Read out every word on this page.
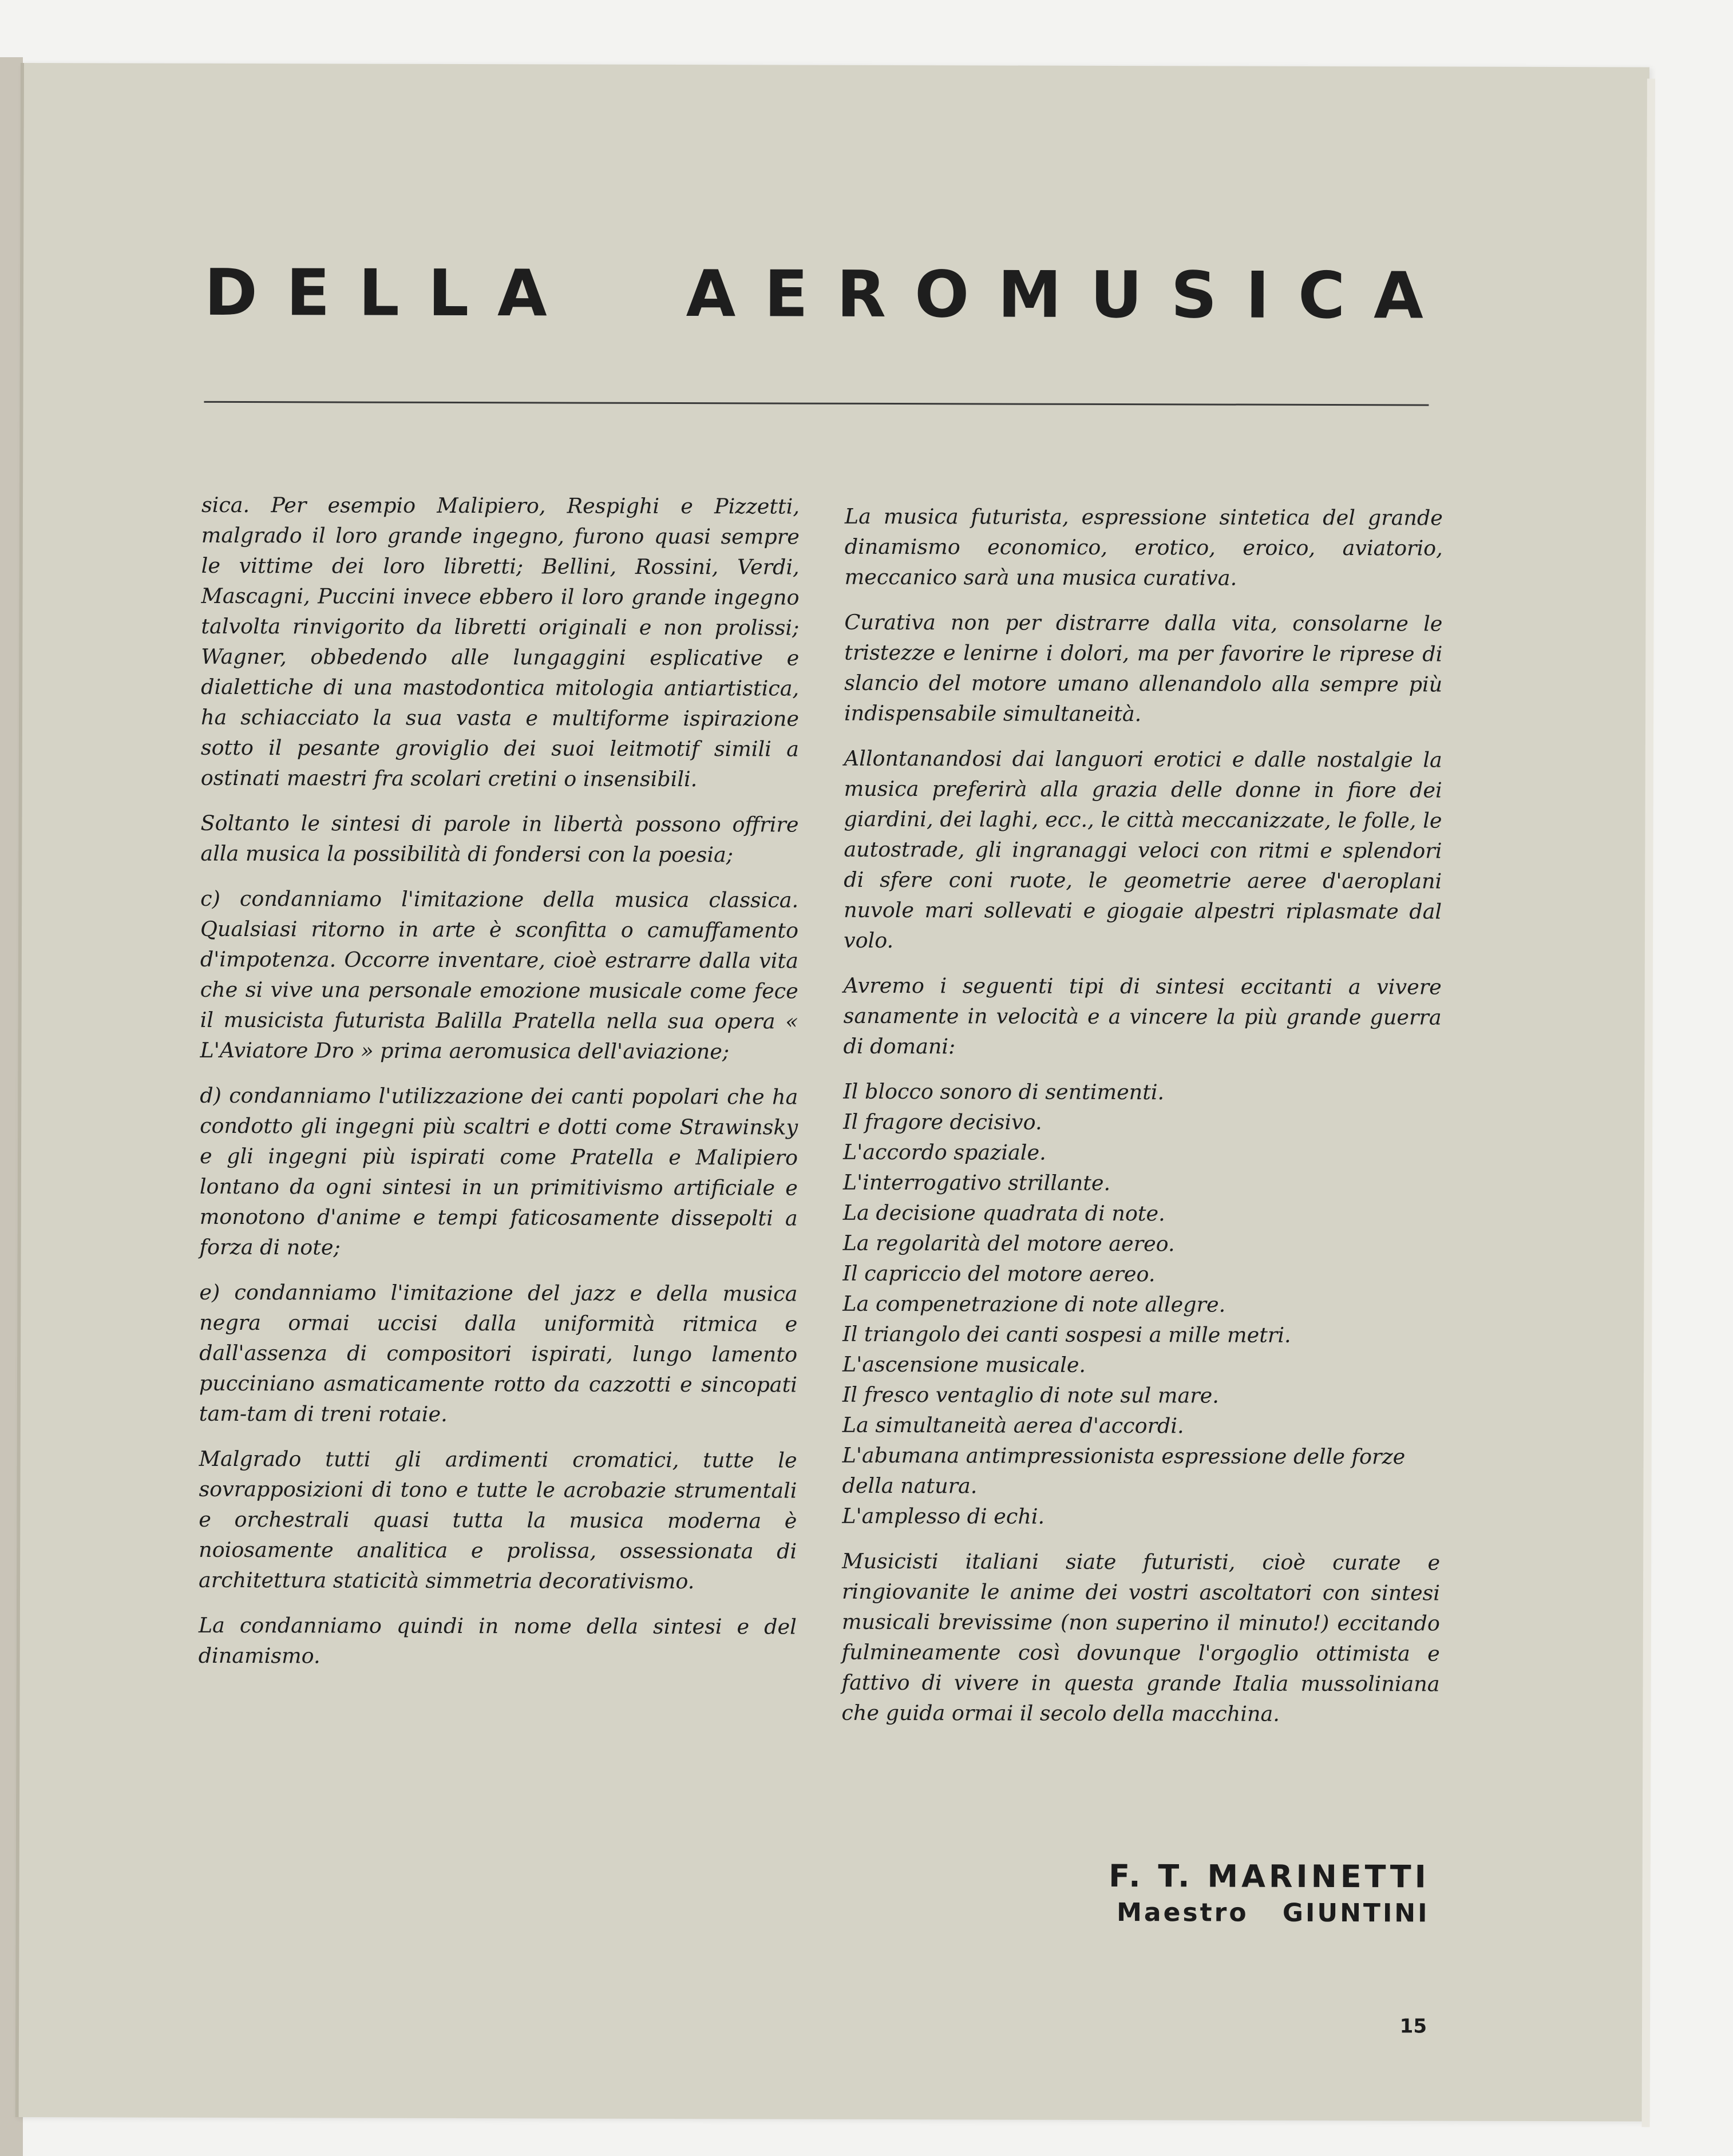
DELLA AEROMUSICA

sica. Per esempio Malipiero, Respighi e Pizzetti, malgrado il loro grande ingegno, furono quasi sempre le vittime dei loro libretti; Bellini, Rossini, Verdi, Mascagni, Puccini invece ebbero il loro grande ingegno talvolta rinvigorito da libretti originali e non prolissi; Wagner, obbedendo alle lungaggini esplicative e dialettiche di una mastodontica mitologia antiartistica, ha schiacciato la sua vasta e multiforme ispirazione sotto il pesante groviglio dei suoi leitmotif simili a ostinati maestri fra scolari cretini o insensibili.

Soltanto le sintesi di parole in libertà possono offrire alla musica la possibilità di fondersi con la poesia;

c) condanniamo l'imitazione della musica classica. Qualsiasi ritorno in arte è sconfitta o camuffamento d'impotenza. Occorre inventare, cioè estrarre dalla vita che si vive una personale emozione musicale come fece il musicista futurista Balilla Pratella nella sua opera « L'Aviatore Dro » prima aeromusica dell'aviazione;

d) condanniamo l'utilizzazione dei canti popolari che ha condotto gli ingegni più scaltri e dotti come Strawinsky e gli ingegni più ispirati come Pratella e Malipiero lontano da ogni sintesi in un primitivismo artificiale e monotono d'anime e tempi faticosamente dissepolti a forza di note;

e) condanniamo l'imitazione del jazz e della musica negra ormai uccisi dalla uniformità ritmica e dall'assenza di compositori ispirati, lungo lamento pucciniano asmaticamente rotto da cazzotti e sincopati tam-tam di treni rotaie.

Malgrado tutti gli ardimenti cromatici, tutte le sovrapposizioni di tono e tutte le acrobazie strumentali e orchestrali quasi tutta la musica moderna è noiosamente analitica e prolissa, ossessionata di architettura staticità simmetria decorativismo.

La condanniamo quindi in nome della sintesi e del dinamismo.

La musica futurista, espressione sintetica del grande dinamismo economico, erotico, eroico, aviatorio, meccanico sarà una musica curativa.

Curativa non per distrarre dalla vita, consolarne le tristezze e lenirne i dolori, ma per favorire le riprese di slancio del motore umano allenandolo alla sempre più indispensabile simultaneità.

Allontanandosi dai languori erotici e dalle nostalgie la musica preferirà alla grazia delle donne in fiore dei giardini, dei laghi, ecc., le città meccanizzate, le folle, le autostrade, gli ingranaggi veloci con ritmi e splendori di sfere coni ruote, le geometrie aeree d'aeroplani nuvole mari sollevati e giogaie alpestri riplasmate dal volo.

Avremo i seguenti tipi di sintesi eccitanti a vivere sanamente in velocità e a vincere la più grande guerra di domani:

Il blocco sonoro di sentimenti.
Il fragore decisivo.
L'accordo spaziale.
L'interrogativo strillante.
La decisione quadrata di note.
La regolarità del motore aereo.
Il capriccio del motore aereo.
La compenetrazione di note allegre.
Il triangolo dei canti sospesi a mille metri.
L'ascensione musicale.
Il fresco ventaglio di note sul mare.
La simultaneità aerea d'accordi.
L'abumana antimpressionista espressione delle forze della natura.
L'amplesso di echi.

Musicisti italiani siate futuristi, cioè curate e ringiovanite le anime dei vostri ascoltatori con sintesi musicali brevissime (non superino il minuto!) eccitando fulmineamente così dovunque l'orgoglio ottimista e fattivo di vivere in questa grande Italia mussoliniana che guida ormai il secolo della macchina.

F. T. MARINETTI
Maestro GIUNTINI
15
